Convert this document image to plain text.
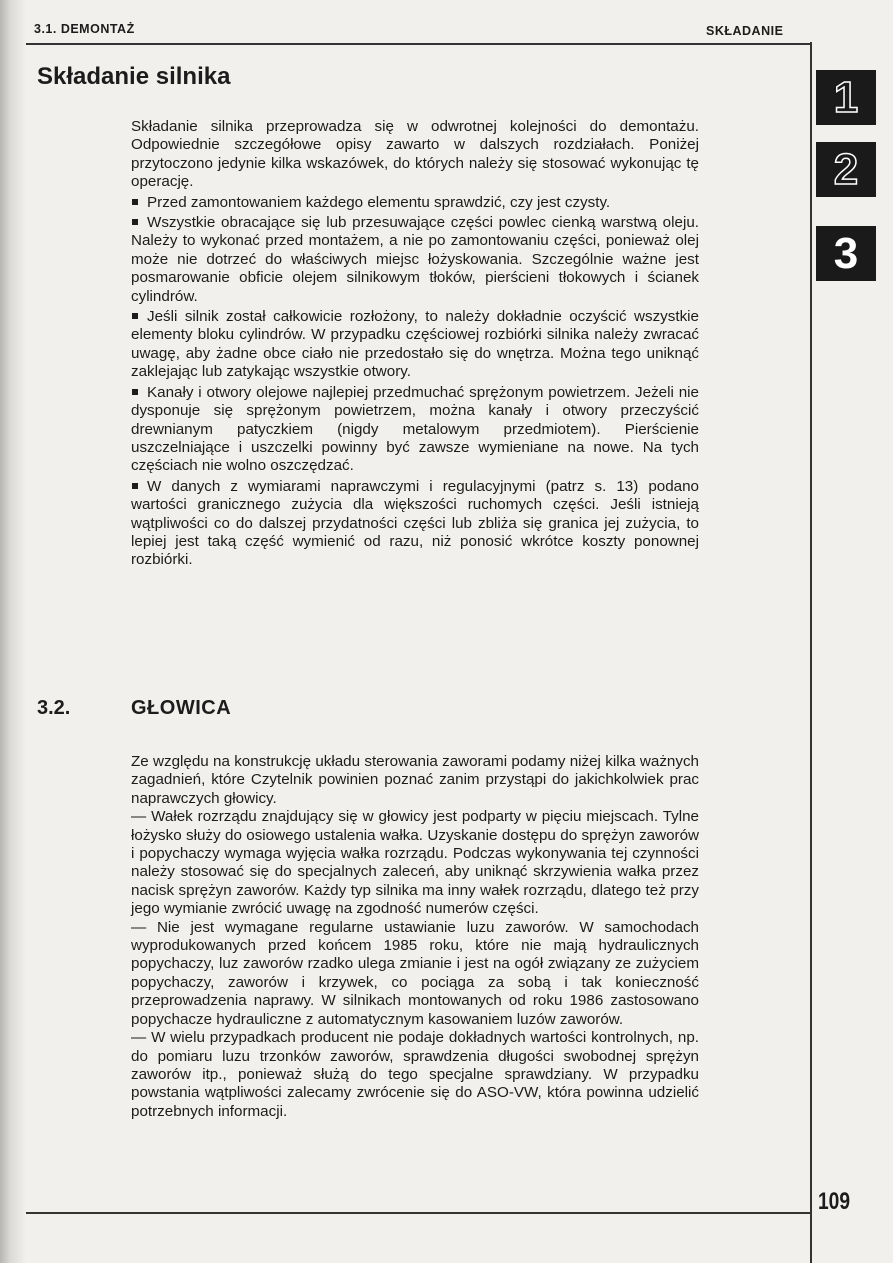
3.1. DEMONTAŻ	SKŁADANIE
1
2
3
Składanie silnika

Składanie silnika przeprowadza się w odwrotnej kolejności do demontażu. Odpowiednie szczegółowe opisy zawarto w dalszych rozdziałach. Poniżej przytoczono jedynie kilka wskazówek, do których należy się stosować wykonując tę operację.

Przed zamontowaniem każdego elementu sprawdzić, czy jest czysty.

Wszystkie obracające się lub przesuwające części powlec cienką warstwą oleju. Należy to wykonać przed montażem, a nie po zamontowaniu części, ponieważ olej może nie dotrzeć do właściwych miejsc łożyskowania. Szczególnie ważne jest posmarowanie obficie olejem silnikowym tłoków, pierścieni tłokowych i ścianek cylindrów.

Jeśli silnik został całkowicie rozłożony, to należy dokładnie oczyścić wszystkie elementy bloku cylindrów. W przypadku częściowej rozbiórki silnika należy zwracać uwagę, aby żadne obce ciało nie przedostało się do wnętrza. Można tego uniknąć zaklejając lub zatykając wszystkie otwory.

Kanały i otwory olejowe najlepiej przedmuchać sprężonym powietrzem. Jeżeli nie dysponuje się sprężonym powietrzem, można kanały i otwory przeczyścić drewnianym patyczkiem (nigdy metalowym przedmiotem). Pierścienie uszczelniające i uszczelki powinny być zawsze wymieniane na nowe. Na tych częściach nie wolno oszczędzać.

W danych z wymiarami naprawczymi i regulacyjnymi (patrz s. 13) podano wartości granicznego zużycia dla większości ruchomych części. Jeśli istnieją wątpliwości co do dalszej przydatności części lub zbliża się granica jej zużycia, to lepiej jest taką część wymienić od razu, niż ponosić wkrótce koszty ponownej rozbiórki.

3.2.	GŁOWICA

Ze względu na konstrukcję układu sterowania zaworami podamy niżej kilka ważnych zagadnień, które Czytelnik powinien poznać zanim przystąpi do jakichkolwiek prac naprawczych głowicy.

— Wałek rozrządu znajdujący się w głowicy jest podparty w pięciu miejscach. Tylne łożysko służy do osiowego ustalenia wałka. Uzyskanie dostępu do sprężyn zaworów i popychaczy wymaga wyjęcia wałka rozrządu. Podczas wykonywania tej czynności należy stosować się do specjalnych zaleceń, aby uniknąć skrzywienia wałka przez nacisk sprężyn zaworów. Każdy typ silnika ma inny wałek rozrządu, dlatego też przy jego wymianie zwrócić uwagę na zgodność numerów części.

— Nie jest wymagane regularne ustawianie luzu zaworów. W samochodach wyprodukowanych przed końcem 1985 roku, które nie mają hydraulicznych popychaczy, luz zaworów rzadko ulega zmianie i jest na ogół związany ze zużyciem popychaczy, zaworów i krzywek, co pociąga za sobą i tak konieczność przeprowadzenia naprawy. W silnikach montowanych od roku 1986 zastosowano popychacze hydrauliczne z automatycznym kasowaniem luzów zaworów.

— W wielu przypadkach producent nie podaje dokładnych wartości kontrolnych, np. do pomiaru luzu trzonków zaworów, sprawdzenia długości swobodnej sprężyn zaworów itp., ponieważ służą do tego specjalne sprawdziany. W przypadku powstania wątpliwości zalecamy zwrócenie się do ASO-VW, która powinna udzielić potrzebnych informacji.

109
